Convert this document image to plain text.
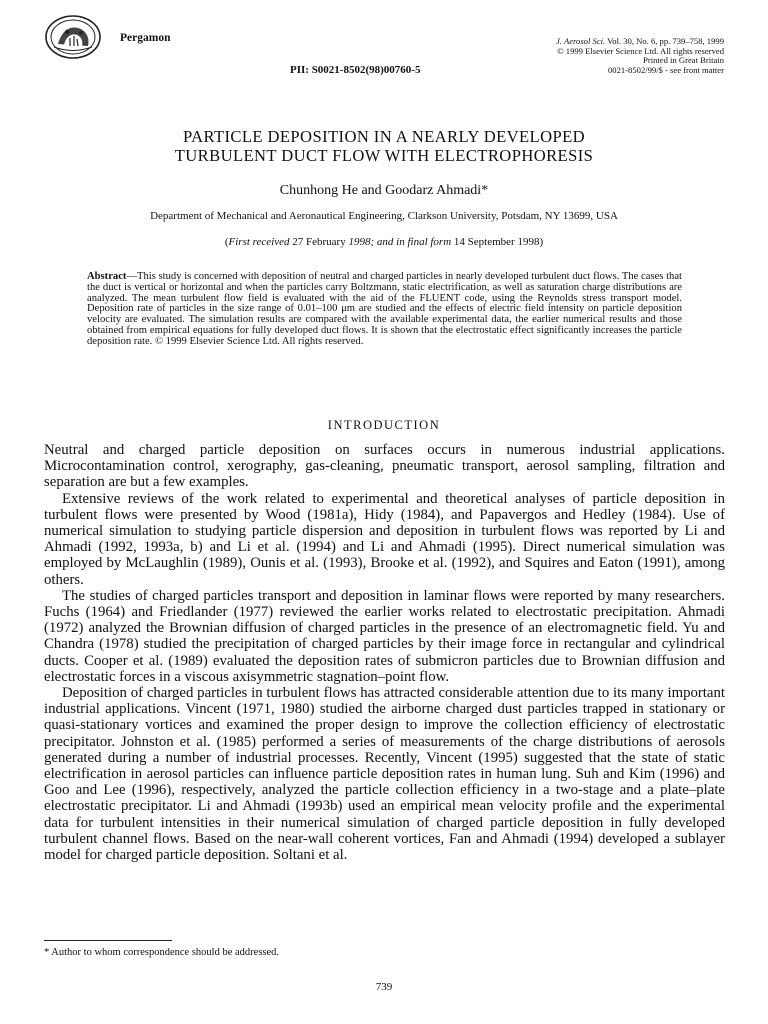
Pergamon	J. Aerosol Sci. Vol. 30, No. 6, pp. 739–758, 1999
© 1999 Elsevier Science Ltd. All rights reserved
Printed in Great Britain
0021-8502/99/$ - see front matter
PII: S0021-8502(98)00760-5
PARTICLE DEPOSITION IN A NEARLY DEVELOPED
TURBULENT DUCT FLOW WITH ELECTROPHORESIS
Chunhong He and Goodarz Ahmadi*
Department of Mechanical and Aeronautical Engineering, Clarkson University, Potsdam, NY 13699, USA
(First received 27 February 1998; and in final form 14 September 1998)
Abstract—This study is concerned with deposition of neutral and charged particles in nearly developed turbulent duct flows. The cases that the duct is vertical or horizontal and when the particles carry Boltzmann, static electrification, as well as saturation charge distributions are analyzed. The mean turbulent flow field is evaluated with the aid of the FLUENT code, using the Reynolds stress transport model. Deposition rate of particles in the size range of 0.01–100 μm are studied and the effects of electric field intensity on particle deposition velocity are evaluated. The simulation results are compared with the available experimental data, the earlier numerical results and those obtained from empirical equations for fully developed duct flows. It is shown that the electrostatic effect significantly increases the particle deposition rate. © 1999 Elsevier Science Ltd. All rights reserved.
INTRODUCTION

Neutral and charged particle deposition on surfaces occurs in numerous industrial applications. Microcontamination control, xerography, gas-cleaning, pneumatic transport, aerosol sampling, filtration and separation are but a few examples.

Extensive reviews of the work related to experimental and theoretical analyses of particle deposition in turbulent flows were presented by Wood (1981a), Hidy (1984), and Papavergos and Hedley (1984). Use of numerical simulation to studying particle dispersion and deposition in turbulent flows was reported by Li and Ahmadi (1992, 1993a, b) and Li et al. (1994) and Li and Ahmadi (1995). Direct numerical simulation was employed by McLaughlin (1989), Ounis et al. (1993), Brooke et al. (1992), and Squires and Eaton (1991), among others.

The studies of charged particles transport and deposition in laminar flows were reported by many researchers. Fuchs (1964) and Friedlander (1977) reviewed the earlier works related to electrostatic precipitation. Ahmadi (1972) analyzed the Brownian diffusion of charged particles in the presence of an electromagnetic field. Yu and Chandra (1978) studied the precipitation of charged particles by their image force in rectangular and cylindrical ducts. Cooper et al. (1989) evaluated the deposition rates of submicron particles due to Brownian diffusion and electrostatic forces in a viscous axisymmetric stagnation–point flow.

Deposition of charged particles in turbulent flows has attracted considerable attention due to its many important industrial applications. Vincent (1971, 1980) studied the airborne charged dust particles trapped in stationary or quasi-stationary vortices and examined the proper design to improve the collection efficiency of electrostatic precipitator. Johnston et al. (1985) performed a series of measurements of the charge distributions of aerosols generated during a number of industrial processes. Recently, Vincent (1995) suggested that the state of static electrification in aerosol particles can influence particle deposition rates in human lung. Suh and Kim (1996) and Goo and Lee (1996), respectively, analyzed the particle collection efficiency in a two-stage and a plate–plate electrostatic precipitator. Li and Ahmadi (1993b) used an empirical mean velocity profile and the experimental data for turbulent intensities in their numerical simulation of charged particle deposition in fully developed turbulent channel flows. Based on the near-wall coherent vortices, Fan and Ahmadi (1994) developed a sublayer model for charged particle deposition. Soltani et al.

* Author to whom correspondence should be addressed.
739
